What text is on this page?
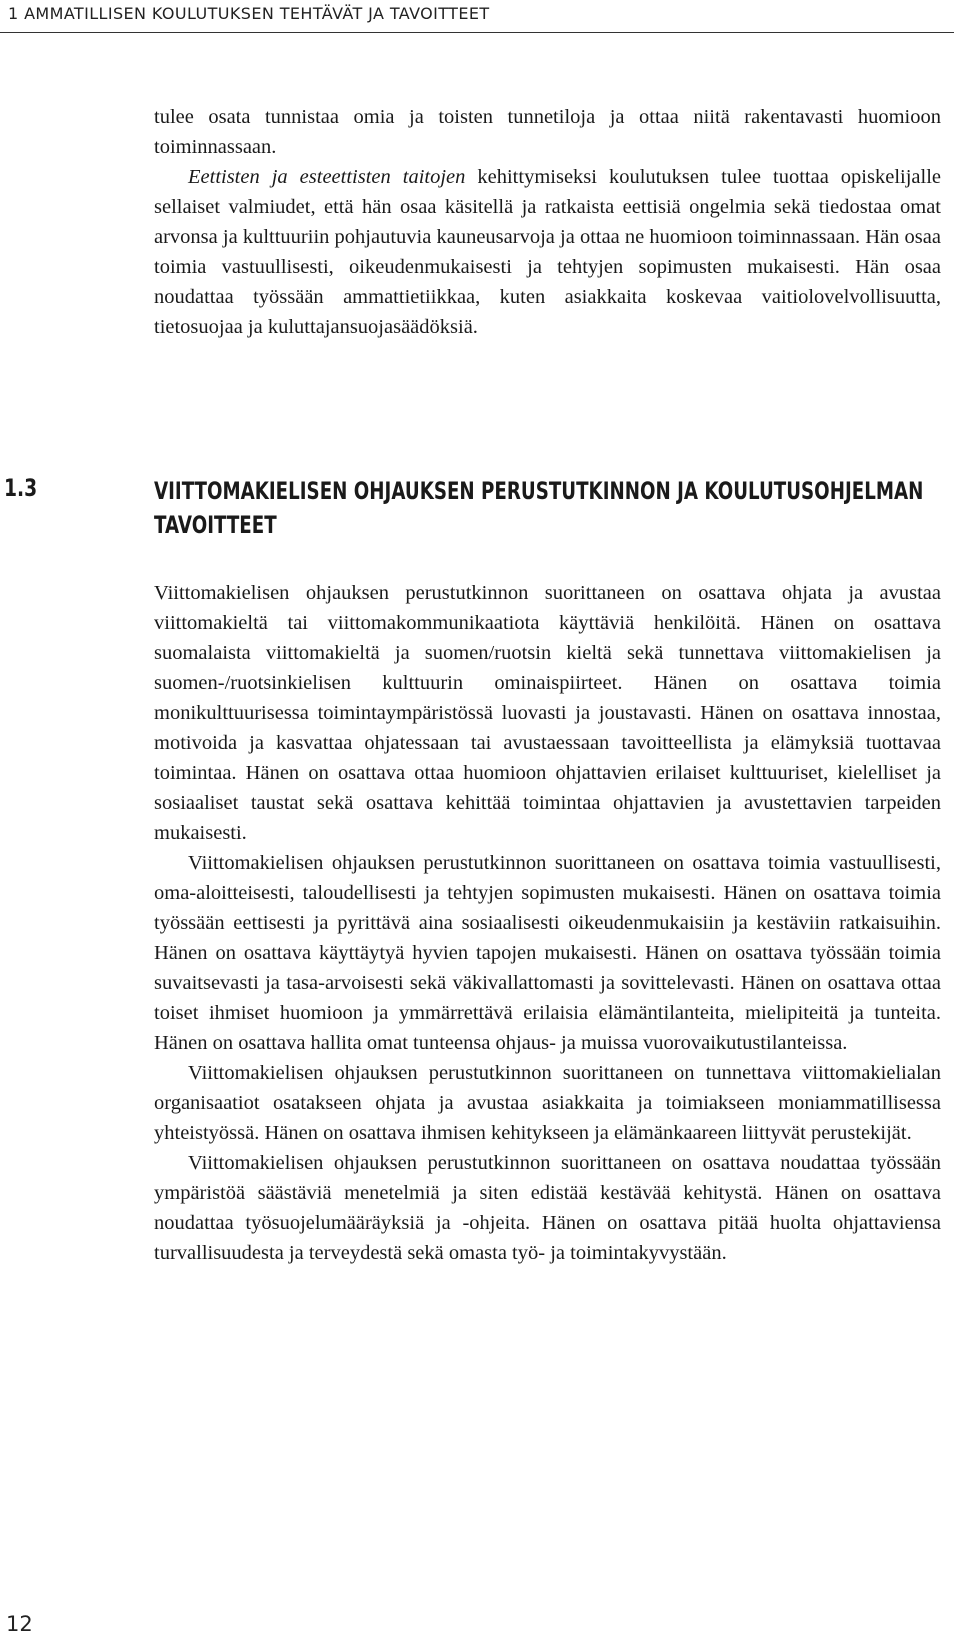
1 AMMATILLISEN KOULUTUKSEN TEHTÄVÄT JA TAVOITTEET

tulee osata tunnistaa omia ja toisten tunnetiloja ja ottaa niitä rakentavasti huomioon toiminnassaan.

Eettisten ja esteettisten taitojen kehittymiseksi koulutuksen tulee tuottaa opiskelijalle sellaiset valmiudet, että hän osaa käsitellä ja ratkaista eettisiä ongelmia sekä tiedostaa omat arvonsa ja kulttuuriin pohjautuvia kauneusarvoja ja ottaa ne huomioon toiminnassaan. Hän osaa toimia vastuullisesti, oikeudenmukaisesti ja tehtyjen sopimusten mukaisesti. Hän osaa noudattaa työssään ammattietiikkaa, kuten asiakkaita koskevaa vaitiolovelvollisuutta, tietosuojaa ja kuluttajansuojasäädöksiä.

1.3	VIITTOMAKIELISEN OHJAUKSEN PERUSTUTKINNON JA KOULUTUSOHJELMAN TAVOITTEET

Viittomakielisen ohjauksen perustutkinnon suorittaneen on osattava ohjata ja avustaa viittomakieltä tai viittomakommunikaatiota käyttäviä henkilöitä. Hänen on osattava suomalaista viittomakieltä ja suomen/ruotsin kieltä sekä tunnettava viittomakielisen ja suomen-/ruotsinkielisen kulttuurin ominaispiirteet. Hänen on osattava toimia monikulttuurisessa toimintaympäristössä luovasti ja joustavasti. Hänen on osattava innostaa, motivoida ja kasvattaa ohjatessaan tai avustaessaan tavoitteellista ja elämyksiä tuottavaa toimintaa. Hänen on osattava ottaa huomioon ohjattavien erilaiset kulttuuriset, kielelliset ja sosiaaliset taustat sekä osattava kehittää toimintaa ohjattavien ja avustettavien tarpeiden mukaisesti.

Viittomakielisen ohjauksen perustutkinnon suorittaneen on osattava toimia vastuullisesti, oma-aloitteisesti, taloudellisesti ja tehtyjen sopimusten mukaisesti. Hänen on osattava toimia työssään eettisesti ja pyrittävä aina sosiaalisesti oikeudenmukaisiin ja kestäviin ratkaisuihin. Hänen on osattava käyttäytyä hyvien tapojen mukaisesti. Hänen on osattava työssään toimia suvaitsevasti ja tasa-arvoisesti sekä väkivallattomasti ja sovittelevasti. Hänen on osattava ottaa toiset ihmiset huomioon ja ymmärrettävä erilaisia elämäntilanteita, mielipiteitä ja tunteita. Hänen on osattava hallita omat tunteensa ohjaus- ja muissa vuorovaikutustilanteissa.

Viittomakielisen ohjauksen perustutkinnon suorittaneen on tunnettava viittomakielialan organisaatiot osatakseen ohjata ja avustaa asiakkaita ja toimiakseen moniammatillisessa yhteistyössä. Hänen on osattava ihmisen kehitykseen ja elämänkaareen liittyvät perustekijät.

Viittomakielisen ohjauksen perustutkinnon suorittaneen on osattava noudattaa työssään ympäristöä säästäviä menetelmiä ja siten edistää kestävää kehitystä. Hänen on osattava noudattaa työsuojelumääräyksiä ja -ohjeita. Hänen on osattava pitää huolta ohjattaviensa turvallisuudesta ja terveydestä sekä omasta työ- ja toimintakyvystään.

12
